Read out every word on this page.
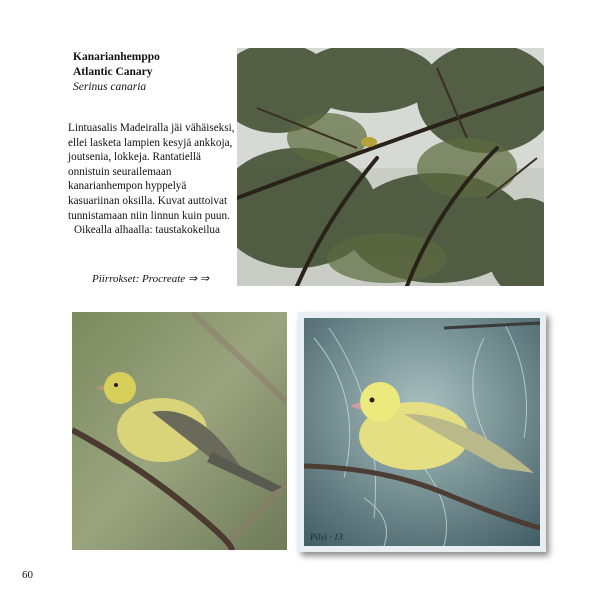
Kanarianhemppo
Atlantic Canary
Serinus canaria

Lintuasalis Madeiralla jäi vähäiseksi, ellei lasketa lampien kesyjä ankkoja, joutsenia, lokkeja. Rantatiellä onnistuin seurailemaan kanarianhempon hyppelyä kasuariinan oksilla. Kuvat auttoivat tunnistamaan niin linnun kuin puun.

Oikealla alhaalla: taustakokeilua

Piirrokset: Procreate ⇒ ⇒
Pilvi · 13
60
